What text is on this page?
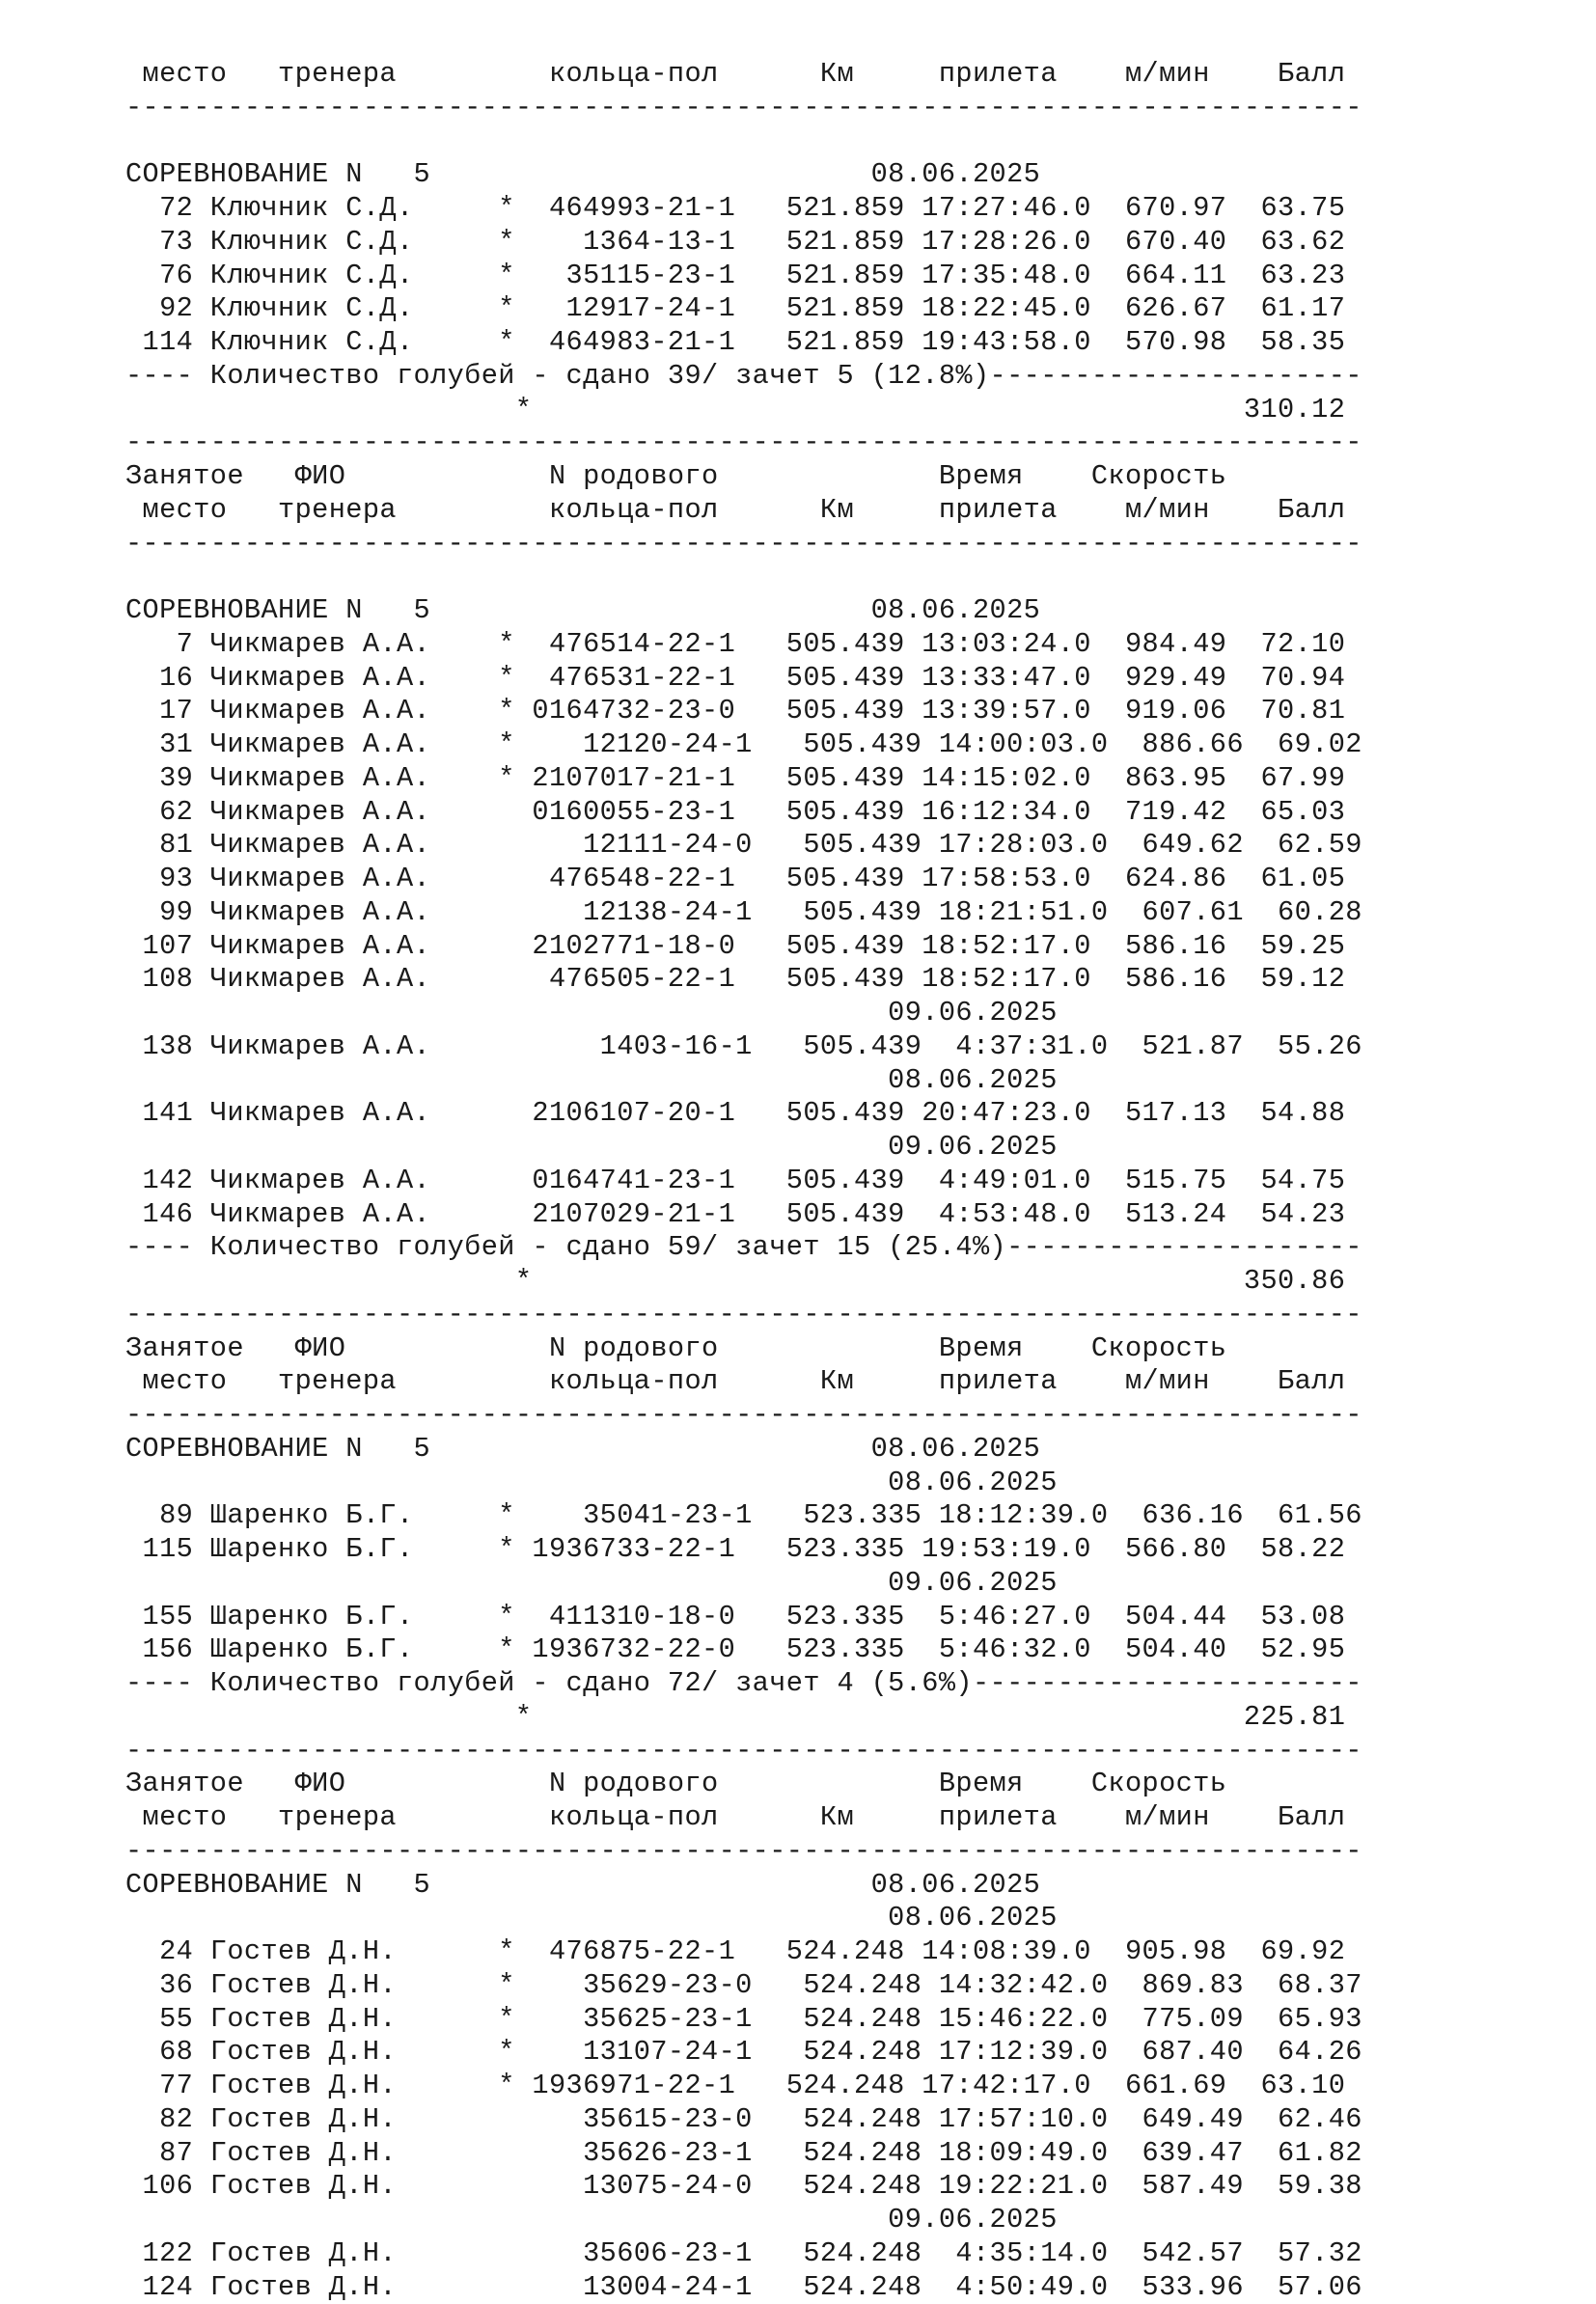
место   тренера         кольца-пол      Км     прилета    м/мин    Балл
-------------------------------------------------------------------------
СОРЕВНОВАНИЕ N   5                          08.06.2025
72 Ключник С.Д.     *  464993-21-1   521.859 17:27:46.0  670.97  63.75
73 Ключник С.Д.     *    1364-13-1   521.859 17:28:26.0  670.40  63.62
76 Ключник С.Д.     *   35115-23-1   521.859 17:35:48.0  664.11  63.23
92 Ключник С.Д.     *   12917-24-1   521.859 18:22:45.0  626.67  61.17
114 Ключник С.Д.     *  464983-21-1   521.859 19:43:58.0  570.98  58.35
---- Количество голубей - сдано 39/ зачет 5 (12.8%)----------------------
*                                          310.12
-------------------------------------------------------------------------
Занятое   ФИО            N родового             Время    Скорость
место   тренера         кольца-пол      Км     прилета    м/мин    Балл
-------------------------------------------------------------------------
СОРЕВНОВАНИЕ N   5                          08.06.2025
7 Чикмарев А.А.    *  476514-22-1   505.439 13:03:24.0  984.49  72.10
16 Чикмарев А.А.    *  476531-22-1   505.439 13:33:47.0  929.49  70.94
17 Чикмарев А.А.    * 0164732-23-0   505.439 13:39:57.0  919.06  70.81
31 Чикмарев А.А.    *    12120-24-1   505.439 14:00:03.0  886.66  69.02
39 Чикмарев А.А.    * 2107017-21-1   505.439 14:15:02.0  863.95  67.99
62 Чикмарев А.А.      0160055-23-1   505.439 16:12:34.0  719.42  65.03
81 Чикмарев А.А.         12111-24-0   505.439 17:28:03.0  649.62  62.59
93 Чикмарев А.А.       476548-22-1   505.439 17:58:53.0  624.86  61.05
99 Чикмарев А.А.         12138-24-1   505.439 18:21:51.0  607.61  60.28
107 Чикмарев А.А.      2102771-18-0   505.439 18:52:17.0  586.16  59.25
108 Чикмарев А.А.       476505-22-1   505.439 18:52:17.0  586.16  59.12
09.06.2025
138 Чикмарев А.А.          1403-16-1   505.439  4:37:31.0  521.87  55.26
08.06.2025
141 Чикмарев А.А.      2106107-20-1   505.439 20:47:23.0  517.13  54.88
09.06.2025
142 Чикмарев А.А.      0164741-23-1   505.439  4:49:01.0  515.75  54.75
146 Чикмарев А.А.      2107029-21-1   505.439  4:53:48.0  513.24  54.23
---- Количество голубей - сдано 59/ зачет 15 (25.4%)---------------------
*                                          350.86
-------------------------------------------------------------------------
Занятое   ФИО            N родового             Время    Скорость
место   тренера         кольца-пол      Км     прилета    м/мин    Балл
-------------------------------------------------------------------------
СОРЕВНОВАНИЕ N   5                          08.06.2025
08.06.2025
89 Шаренко Б.Г.     *    35041-23-1   523.335 18:12:39.0  636.16  61.56
115 Шаренко Б.Г.     * 1936733-22-1   523.335 19:53:19.0  566.80  58.22
09.06.2025
155 Шаренко Б.Г.     *  411310-18-0   523.335  5:46:27.0  504.44  53.08
156 Шаренко Б.Г.     * 1936732-22-0   523.335  5:46:32.0  504.40  52.95
---- Количество голубей - сдано 72/ зачет 4 (5.6%)-----------------------
*                                          225.81
-------------------------------------------------------------------------
Занятое   ФИО            N родового             Время    Скорость
место   тренера         кольца-пол      Км     прилета    м/мин    Балл
-------------------------------------------------------------------------
СОРЕВНОВАНИЕ N   5                          08.06.2025
08.06.2025
24 Гостев Д.Н.      *  476875-22-1   524.248 14:08:39.0  905.98  69.92
36 Гостев Д.Н.      *    35629-23-0   524.248 14:32:42.0  869.83  68.37
55 Гостев Д.Н.      *    35625-23-1   524.248 15:46:22.0  775.09  65.93
68 Гостев Д.Н.      *    13107-24-1   524.248 17:12:39.0  687.40  64.26
77 Гостев Д.Н.      * 1936971-22-1   524.248 17:42:17.0  661.69  63.10
82 Гостев Д.Н.           35615-23-0   524.248 17:57:10.0  649.49  62.46
87 Гостев Д.Н.           35626-23-1   524.248 18:09:49.0  639.47  61.82
106 Гостев Д.Н.           13075-24-0   524.248 19:22:21.0  587.49  59.38
09.06.2025
122 Гостев Д.Н.           35606-23-1   524.248  4:35:14.0  542.57  57.32
124 Гостев Д.Н.           13004-24-1   524.248  4:50:49.0  533.96  57.06
